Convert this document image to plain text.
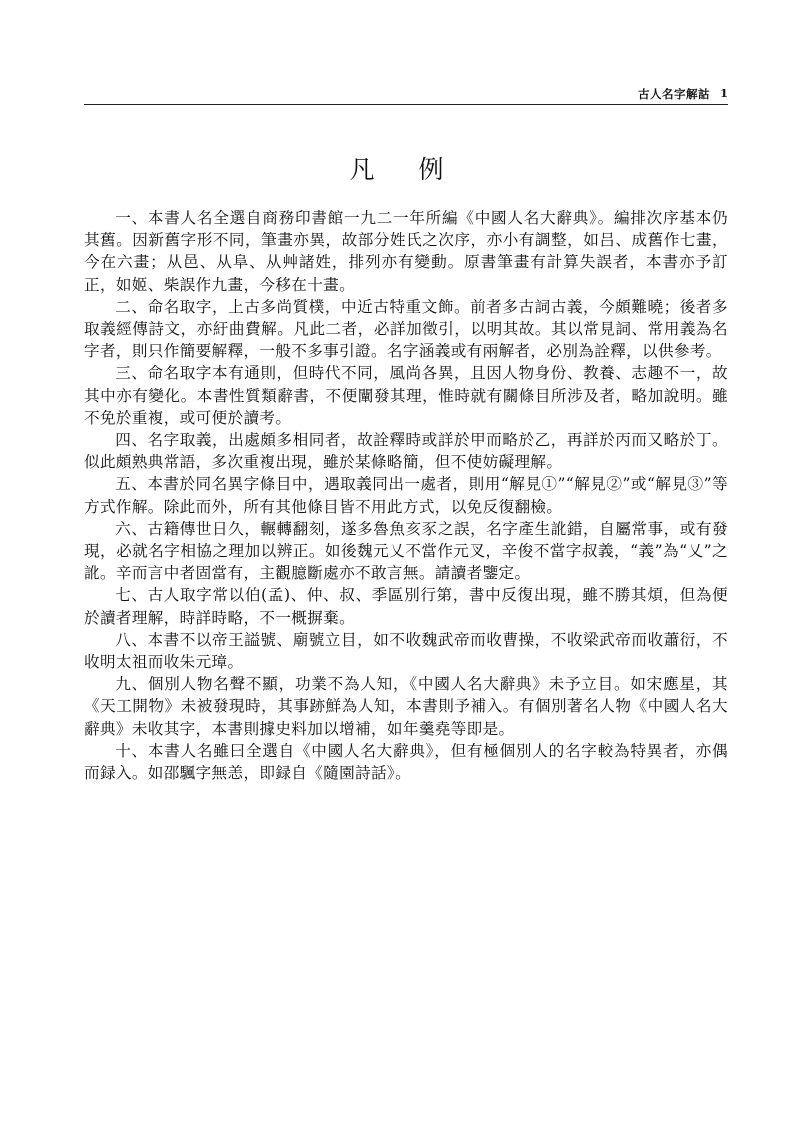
古人名字解詁 1
凡例

一、本書人名全選自商務印書館一九二一年所編《中國人名大辭典》。編排次序基本仍其舊。因新舊字形不同，筆畫亦異，故部分姓氏之次序，亦小有調整，如吕、成舊作七畫，今在六畫；从邑、从阜、从艸諸姓，排列亦有變動。原書筆畫有計算失誤者，本書亦予訂正，如姬、柴誤作九畫，今移在十畫。

二、命名取字，上古多尚質樸，中近古特重文飾。前者多古詞古義，今頗難曉；後者多取義經傳詩文，亦紆曲費解。凡此二者，必詳加徵引，以明其故。其以常見詞、常用義為名字者，則只作簡要解釋，一般不多事引證。名字涵義或有兩解者，必別為詮釋，以供參考。

三、命名取字本有通則，但時代不同，風尚各異，且因人物身份、教養、志趣不一，故其中亦有變化。本書性質類辭書，不便闡發其理，惟時就有關條目所涉及者，略加說明。雖不免於重複，或可便於讀考。

四、名字取義，出處頗多相同者，故詮釋時或詳於甲而略於乙，再詳於丙而又略於丁。似此頗熟典常語，多次重複出現，雖於某條略簡，但不使妨礙理解。

五、本書於同名異字條目中，遇取義同出一處者，則用“解見①”“解見②”或“解見③”等方式作解。除此而外，所有其他條目皆不用此方式，以免反復翻檢。

六、古籍傳世日久，輾轉翻刻，遂多魯魚亥豕之誤，名字產生訛錯，自屬常事，或有發現，必就名字相協之理加以辨正。如後魏元乂不當作元叉，辛俊不當字叔義，“義”為“乂”之訛。辛而言中者固當有，主觀臆斷處亦不敢言無。請讀者鑒定。

七、古人取字常以伯(孟)、仲、叔、季區別行第，書中反復出現，雖不勝其煩，但為便於讀者理解，時詳時略，不一概摒棄。

八、本書不以帝王謚號、廟號立目，如不收魏武帝而收曹操，不收梁武帝而收蕭衍，不收明太祖而收朱元璋。

九、個別人物名聲不顯，功業不為人知，《中國人名大辭典》未予立目。如宋應星，其《天工開物》未被發現時，其事跡鮮為人知，本書則予補入。有個別著名人物《中國人名大辭典》未收其字，本書則據史料加以增補，如年羹堯等即是。

十、本書人名雖曰全選自《中國人名大辭典》，但有極個別人的名字較為特異者，亦偶而録入。如邵颿字無恙，即録自《隨園詩話》。
